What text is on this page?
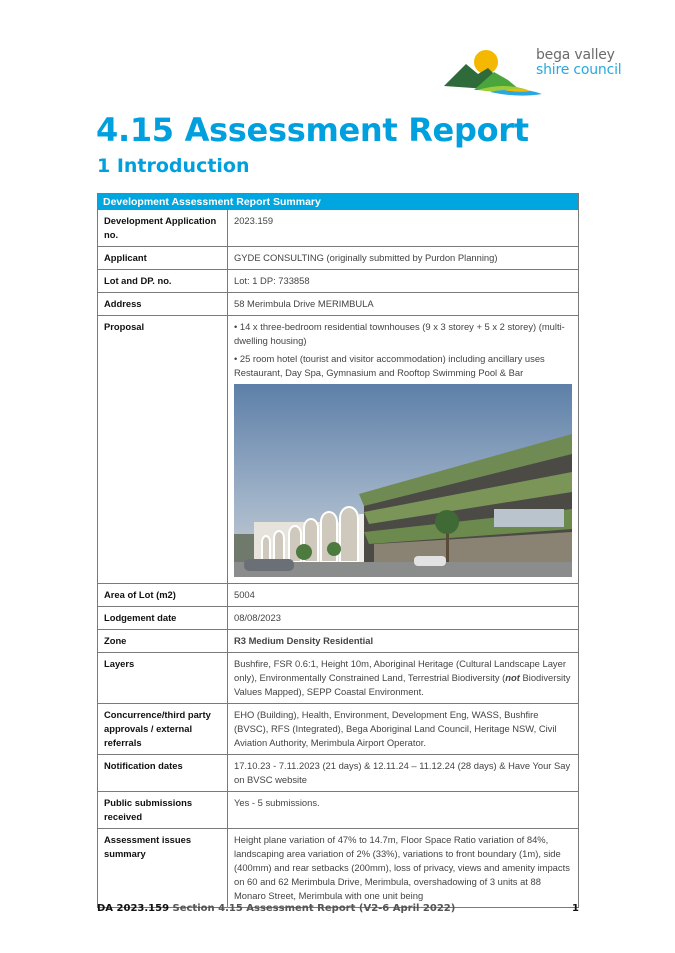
bega valley
shire council
4.15 Assessment Report
1 Introduction
Development Assessment Report Summary	
Development Application no.	2023.159
Applicant	GYDE CONSULTING (originally submitted by Purdon Planning)
Lot and DP. no.	Lot: 1 DP: 733858
Address	58 Merimbula Drive MERIMBULA
Proposal	• 14 x three-bedroom residential townhouses (9 x 3 storey + 5 x 2 storey) (multi-dwelling housing)

• 25 room hotel (tourist and visitor accommodation) including ancillary uses Restaurant, Day Spa, Gymnasium and Rooftop Swimming Pool & Bar

Area of Lot (m2)	5004
Lodgement date	08/08/2023
Zone	R3 Medium Density Residential
Layers	Bushfire, FSR 0.6:1, Height 10m, Aboriginal Heritage (Cultural Landscape Layer only), Environmentally Constrained Land, Terrestrial Biodiversity (not Biodiversity Values Mapped), SEPP Coastal Environment.
Concurrence/third party approvals / external referrals	EHO (Building), Health, Environment, Development Eng, WASS, Bushfire (BVSC), RFS (Integrated), Bega Aboriginal Land Council, Heritage NSW, Civil Aviation Authority, Merimbula Airport Operator.
Notification dates	17.10.23 - 7.11.2023 (21 days) & 12.11.24 – 11.12.24 (28 days) & Have Your Say on BVSC website
Public submissions received	Yes - 5 submissions.
Assessment issues summary	Height plane variation of 47% to 14.7m, Floor Space Ratio variation of 84%, landscaping area variation of 2% (33%), variations to front boundary (1m), side (400mm) and rear setbacks (200mm), loss of privacy, views and amenity impacts on 60 and 62 Merimbula Drive, Merimbula, overshadowing of 3 units at 88 Monaro Street, Merimbula with one unit being
DA 2023.159 Section 4.15 Assessment Report (V2-6 April 2022)	1
